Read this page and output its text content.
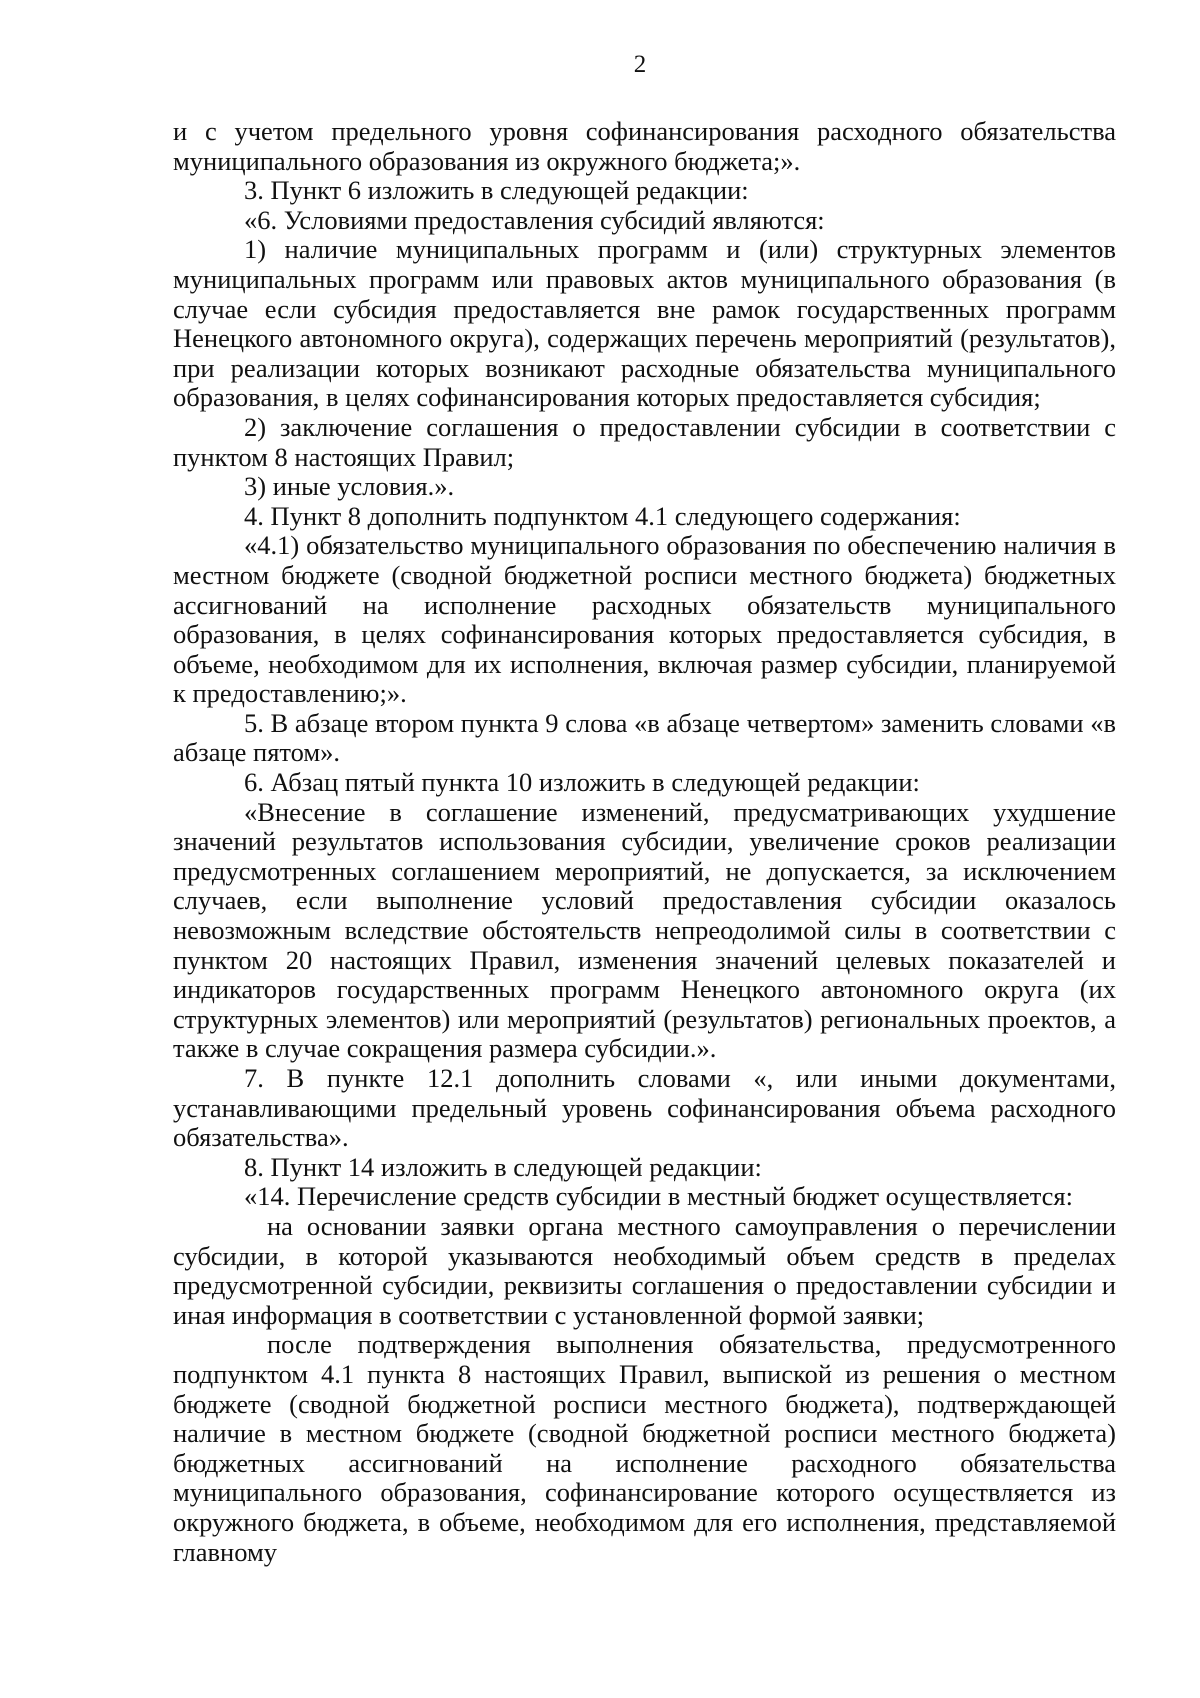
2

и с учетом предельного уровня софинансирования расходного обязательства муниципального образования из окружного бюджета;».

3. Пункт 6 изложить в следующей редакции:

«6. Условиями предоставления субсидий являются:

1) наличие муниципальных программ и (или) структурных элементов муниципальных программ или правовых актов муниципального образования (в случае если субсидия предоставляется вне рамок государственных программ Ненецкого автономного округа), содержащих перечень мероприятий (результатов), при реализации которых возникают расходные обязательства муниципального образования, в целях софинансирования которых предоставляется субсидия;

2) заключение соглашения о предоставлении субсидии в соответствии с пунктом 8 настоящих Правил;

3) иные условия.».

4. Пункт 8 дополнить подпунктом 4.1 следующего содержания:

«4.1) обязательство муниципального образования по обеспечению наличия в местном бюджете (сводной бюджетной росписи местного бюджета) бюджетных ассигнований на исполнение расходных обязательств муниципального образования, в целях софинансирования которых предоставляется субсидия, в объеме, необходимом для их исполнения, включая размер субсидии, планируемой к предоставлению;».

5. В абзаце втором пункта 9 слова «в абзаце четвертом» заменить словами «в абзаце пятом».

6. Абзац пятый пункта 10 изложить в следующей редакции:

«Внесение в соглашение изменений, предусматривающих ухудшение значений результатов использования субсидии, увеличение сроков реализации предусмотренных соглашением мероприятий, не допускается, за исключением случаев, если выполнение условий предоставления субсидии оказалось невозможным вследствие обстоятельств непреодолимой силы в соответствии с пунктом 20 настоящих Правил, изменения значений целевых показателей и индикаторов государственных программ Ненецкого автономного округа (их структурных элементов) или мероприятий (результатов) региональных проектов, а также в случае сокращения размера субсидии.».

7. В пункте 12.1 дополнить словами «, или иными документами, устанавливающими предельный уровень софинансирования объема расходного обязательства».

8. Пункт 14 изложить в следующей редакции:

«14. Перечисление средств субсидии в местный бюджет осуществляется:

на основании заявки органа местного самоуправления о перечислении субсидии, в которой указываются необходимый объем средств в пределах предусмотренной субсидии, реквизиты соглашения о предоставлении субсидии и иная информация в соответствии с установленной формой заявки;

после подтверждения выполнения обязательства, предусмотренного подпунктом 4.1 пункта 8 настоящих Правил, выпиской из решения о местном бюджете (сводной бюджетной росписи местного бюджета), подтверждающей наличие в местном бюджете (сводной бюджетной росписи местного бюджета) бюджетных ассигнований на исполнение расходного обязательства муниципального образования, софинансирование которого осуществляется из окружного бюджета, в объеме, необходимом для его исполнения, представляемой главному
